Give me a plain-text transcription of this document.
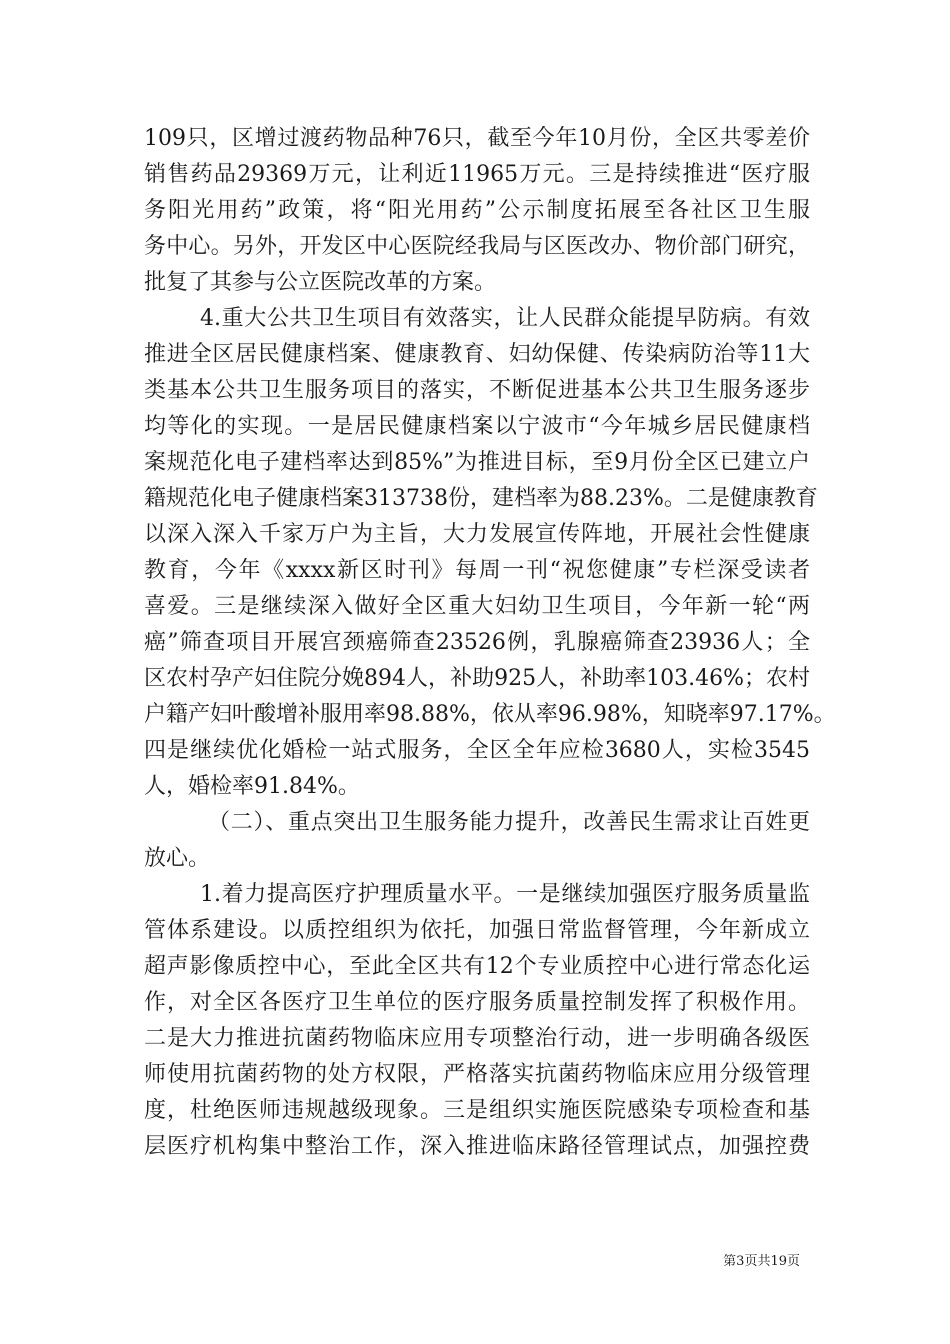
109只，区增过渡药物品种76只，截至今年10月份，全区共零差价
销售药品29369万元，让利近11965万元。三是持续推进“医疗服
务阳光用药”政策，将“阳光用药”公示制度拓展至各社区卫生服
务中心。另外，开发区中心医院经我局与区医改办、物价部门研究，
批复了其参与公立医院改革的方案。
4.重大公共卫生项目有效落实，让人民群众能提早防病。有效
推进全区居民健康档案、健康教育、妇幼保健、传染病防治等11大
类基本公共卫生服务项目的落实，不断促进基本公共卫生服务逐步
均等化的实现。一是居民健康档案以宁波市“今年城乡居民健康档
案规范化电子建档率达到85%”为推进目标，至9月份全区已建立户
籍规范化电子健康档案313738份，建档率为88.23%。二是健康教育
以深入深入千家万户为主旨，大力发展宣传阵地，开展社会性健康
教育，今年《xxxx新区时刊》每周一刊“祝您健康”专栏深受读者
喜爱。三是继续深入做好全区重大妇幼卫生项目，今年新一轮“两
癌”筛查项目开展宫颈癌筛查23526例，乳腺癌筛查23936人；全
区农村孕产妇住院分娩894人，补助925人，补助率103.46%；农村
户籍产妇叶酸增补服用率98.88%，依从率96.98%，知晓率97.17%。
四是继续优化婚检一站式服务，全区全年应检3680人，实检3545
人，婚检率91.84%。
（二）、重点突出卫生服务能力提升，改善民生需求让百姓更
放心。
1.着力提高医疗护理质量水平。一是继续加强医疗服务质量监
管体系建设。以质控组织为依托，加强日常监督管理，今年新成立
超声影像质控中心，至此全区共有12个专业质控中心进行常态化运
作，对全区各医疗卫生单位的医疗服务质量控制发挥了积极作用。
二是大力推进抗菌药物临床应用专项整治行动，进一步明确各级医
师使用抗菌药物的处方权限，严格落实抗菌药物临床应用分级管理
度，杜绝医师违规越级现象。三是组织实施医院感染专项检查和基
层医疗机构集中整治工作，深入推进临床路径管理试点，加强控费
第3页共19页
